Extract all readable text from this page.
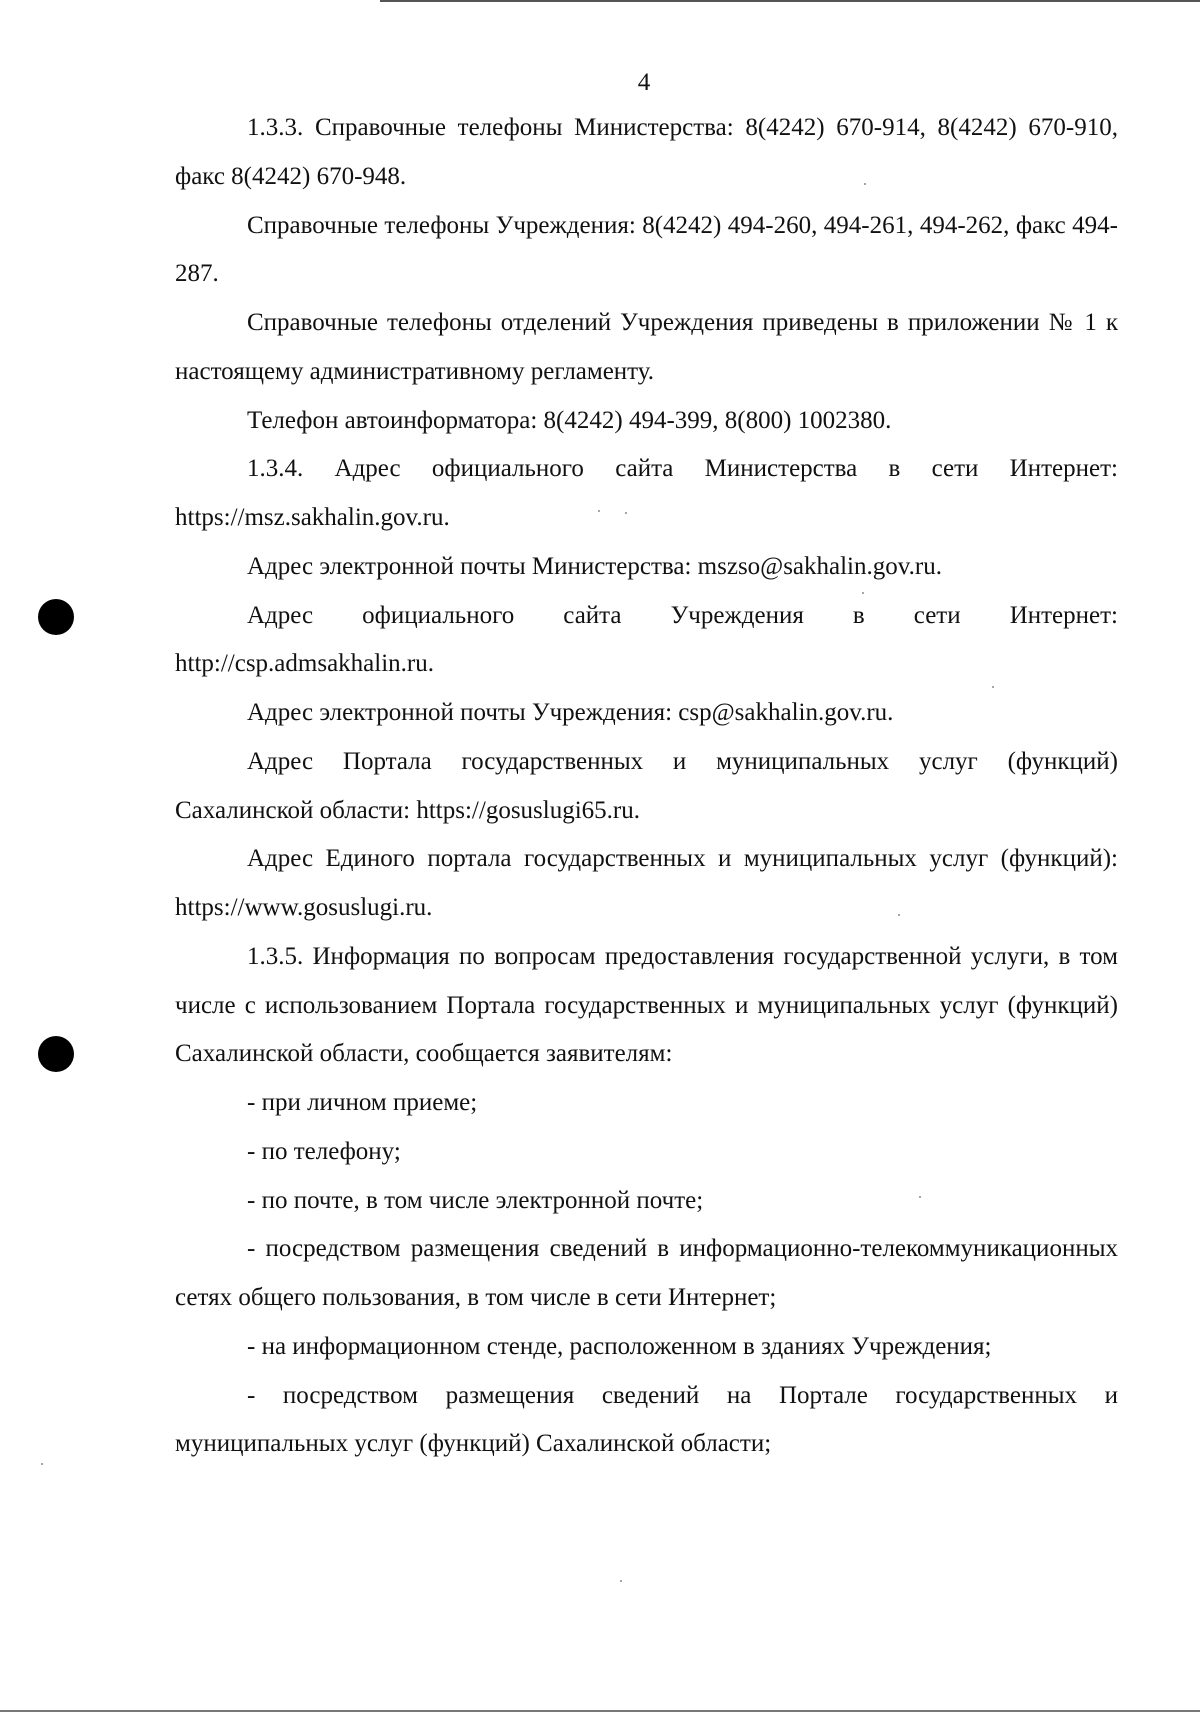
4

1.3.3. Справочные телефоны Министерства: 8(4242) 670-914, 8(4242) 670-910, факс 8(4242) 670-948.

Справочные телефоны Учреждения: 8(4242) 494-260, 494-261, 494-262, факс 494-287.

Справочные телефоны отделений Учреждения приведены в приложении № 1 к настоящему административному регламенту.

Телефон автоинформатора: 8(4242) 494-399, 8(800) 1002380.

1.3.4. Адрес официального сайта Министерства в сети Интернет: https://msz.sakhalin.gov.ru.

Адрес электронной почты Министерства: mszso@sakhalin.gov.ru.

Адрес официального сайта Учреждения в сети Интернет: http://csp.admsakhalin.ru.

Адрес электронной почты Учреждения: csp@sakhalin.gov.ru.

Адрес Портала государственных и муниципальных услуг (функций) Сахалинской области: https://gosuslugi65.ru.

Адрес Единого портала государственных и муниципальных услуг (функций): https://www.gosuslugi.ru.

1.3.5. Информация по вопросам предоставления государственной услуги, в том числе с использованием Портала государственных и муниципальных услуг (функций) Сахалинской области, сообщается заявителям:

- при личном приеме;

- по телефону;

- по почте, в том числе электронной почте;

- посредством размещения сведений в информационно-телекоммуникационных сетях общего пользования, в том числе в сети Интернет;

- на информационном стенде, расположенном в зданиях Учреждения;

- посредством размещения сведений на Портале государственных и муниципальных услуг (функций) Сахалинской области;
